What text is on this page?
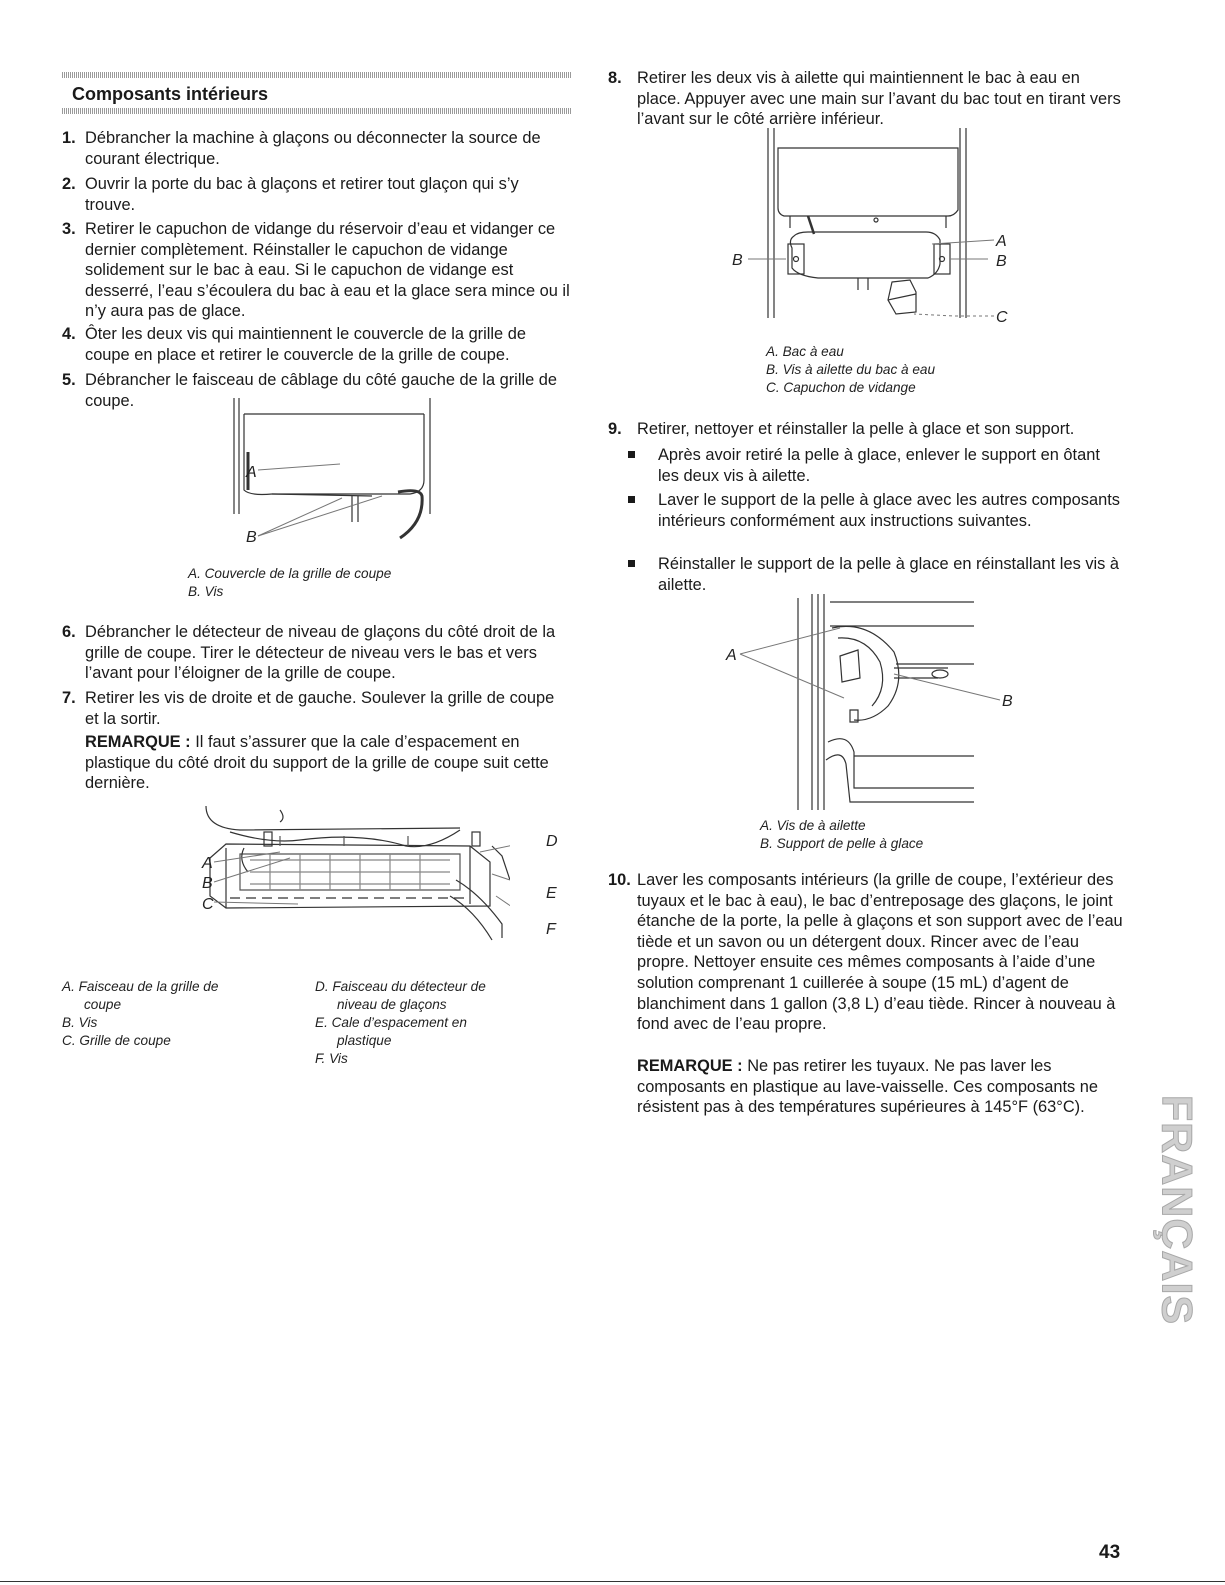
Composants intérieurs
1. Débrancher la machine à glaçons ou déconnecter la source de courant électrique.
2. Ouvrir la porte du bac à glaçons et retirer tout glaçon qui s’y trouve.
3. Retirer le capuchon de vidange du réservoir d’eau et vidanger ce dernier complètement. Réinstaller le capuchon de vidange solidement sur le bac à eau. Si le capuchon de vidange est desserré, l’eau s’écoulera du bac à eau et la glace sera mince ou il n’y aura pas de glace.
4. Ôter les deux vis qui maintiennent le couvercle de la grille de coupe en place et retirer le couvercle de la grille de coupe.
5. Débrancher le faisceau de câblage du côté gauche de la grille de coupe.
A
B
A. Couvercle de la grille de coupe
B. Vis
6. Débrancher le détecteur de niveau de glaçons du côté droit de la grille de coupe. Tirer le détecteur de niveau vers le bas et vers l’avant pour l’éloigner de la grille de coupe.
7. Retirer les vis de droite et de gauche. Soulever la grille de coupe et la sortir.
REMARQUE : Il faut s’assurer que la cale d’espacement en plastique du côté droit du support de la grille de coupe suit cette dernière.
A
B
C
D
E
F
A. Faisceau de la grille de
coupe
B. Vis
C. Grille de coupe
D. Faisceau du détecteur de
niveau de glaçons
E. Cale d’espacement en
plastique
F. Vis
8. Retirer les deux vis à ailette qui maintiennent le bac à eau en place. Appuyer avec une main sur l’avant du bac tout en tirant vers l’avant sur le côté arrière inférieur.
B
A
B
C
A. Bac à eau
B. Vis à ailette du bac à eau
C. Capuchon de vidange
9. Retirer, nettoyer et réinstaller la pelle à glace et son support.
Après avoir retiré la pelle à glace, enlever le support en ôtant les deux vis à ailette.
Laver le support de la pelle à glace avec les autres composants intérieurs conformément aux instructions suivantes.
Réinstaller le support de la pelle à glace en réinstallant les vis à ailette.
A
B
A. Vis de à ailette
B. Support de pelle à glace
10. Laver les composants intérieurs (la grille de coupe, l’extérieur des tuyaux et le bac à eau), le bac d’entreposage des glaçons, le joint étanche de la porte, la pelle à glaçons et son support avec de l’eau tiède et un savon ou un détergent doux. Rincer avec de l’eau propre. Nettoyer ensuite ces mêmes composants à l’aide d’une solution comprenant 1 cuillerée à soupe (15 mL) d’agent de blanchiment dans 1 gallon (3,8 L) d’eau tiède. Rincer à nouveau à fond avec de l’eau propre.
REMARQUE : Ne pas retirer les tuyaux. Ne pas laver les composants en plastique au lave-vaisselle. Ces composants ne résistent pas à des températures supérieures à 145°F (63°C).	FRANÇAIS
43
